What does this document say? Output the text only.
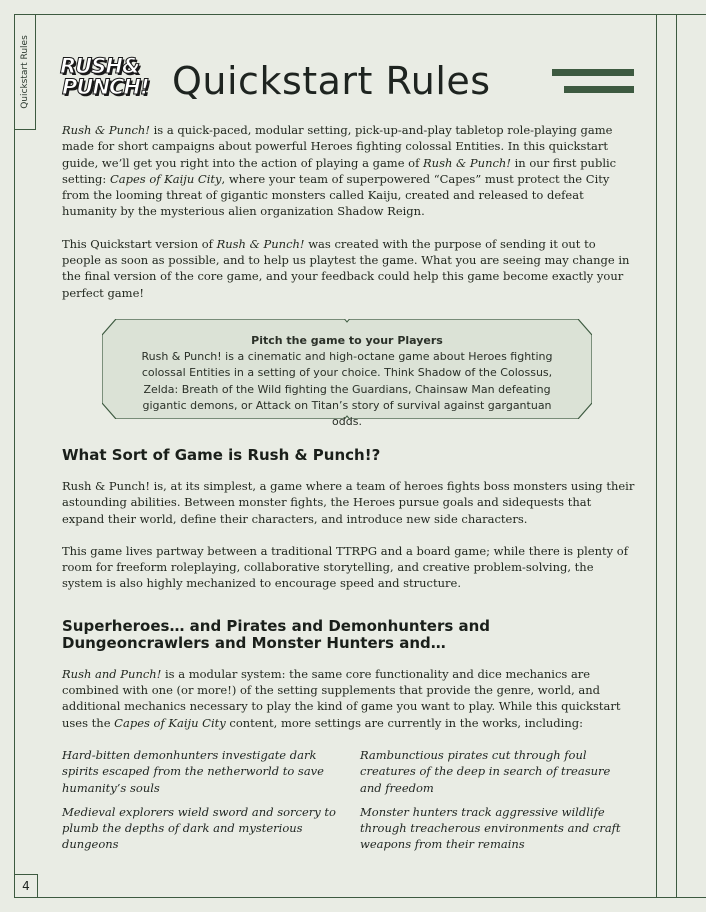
Quickstart Rules
4
RUSH&
PUNCH! Quickstart Rules

Rush & Punch! is a quick-paced, modular setting, pick-up-and-play tabletop role-playing game made for short campaigns about powerful Heroes fighting colossal Entities. In this quickstart guide, we’ll get you right into the action of playing a game of Rush & Punch! in our first public setting: Capes of Kaiju City, where your team of superpowered “Capes” must protect the City from the looming threat of gigantic monsters called Kaiju, created and released to defeat humanity by the mysterious alien organization Shadow Reign.

This Quickstart version of Rush & Punch! was created with the purpose of sending it out to people as soon as possible, and to help us playtest the game. What you are seeing may change in the final version of the core game, and your feedback could help this game become exactly your perfect game!

Pitch the game to your Players
Rush & Punch! is a cinematic and high-octane game about Heroes fighting colossal Entities in a setting of your choice. Think Shadow of the Colossus, Zelda: Breath of the Wild fighting the Guardians, Chainsaw Man defeating gigantic demons, or Attack on Titan’s story of survival against gargantuan odds.
What Sort of Game is Rush & Punch!?

Rush & Punch! is, at its simplest, a game where a team of heroes fights boss monsters using their astounding abilities. Between monster fights, the Heroes pursue goals and sidequests that expand their world, define their characters, and introduce new side characters.

This game lives partway between a traditional TTRPG and a board game; while there is plenty of room for freeform roleplaying, collaborative storytelling, and creative problem-solving, the system is also highly mechanized to encourage speed and structure.

Superheroes… and Pirates and Demonhunters and Dungeoncrawlers and Monster Hunters and…

Rush and Punch! is a modular system: the same core functionality and dice mechanics are combined with one (or more!) of the setting supplements that provide the genre, world, and additional mechanics necessary to play the kind of game you want to play. While this quickstart uses the Capes of Kaiju City content, more settings are currently in the works, including:

Hard-bitten demonhunters investigate dark spirits escaped from the netherworld to save humanity’s souls
Rambunctious pirates cut through foul creatures of the deep in search of treasure and freedom
Medieval explorers wield sword and sorcery to plumb the depths of dark and mysterious dungeons
Monster hunters track aggressive wildlife through treacherous environments and craft weapons from their remains
